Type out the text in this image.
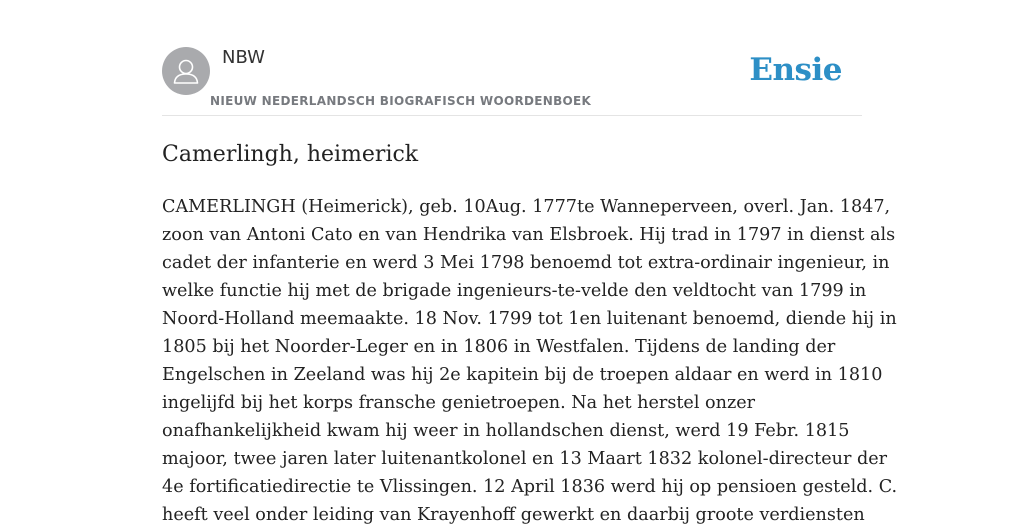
NBW
NIEUW NEDERLANDSCH BIOGRAFISCH WOORDENBOEK
Ensie
Camerlingh, heimerick
CAMERLINGH (Heimerick), geb. 10Aug. 1777te Wanneperveen, overl. Jan. 1847,
zoon van Antoni Cato en van Hendrika van Elsbroek. Hij trad in 1797 in dienst als
cadet der infanterie en werd 3 Mei 1798 benoemd tot extra-ordinair ingenieur, in
welke functie hij met de brigade ingenieurs-te-velde den veldtocht van 1799 in
Noord-Holland meemaakte. 18 Nov. 1799 tot 1en luitenant benoemd, diende hij in
1805 bij het Noorder-Leger en in 1806 in Westfalen. Tijdens de landing der
Engelschen in Zeeland was hij 2e kapitein bij de troepen aldaar en werd in 1810
ingelijfd bij het korps fransche genietroepen. Na het herstel onzer
onafhankelijkheid kwam hij weer in hollandschen dienst, werd 19 Febr. 1815
majoor, twee jaren later luitenantkolonel en 13 Maart 1832 kolonel-directeur der
4e fortificatiedirectie te Vlissingen. 12 April 1836 werd hij op pensioen gesteld. C.
heeft veel onder leiding van Krayenhoff gewerkt en daarbij groote verdiensten
